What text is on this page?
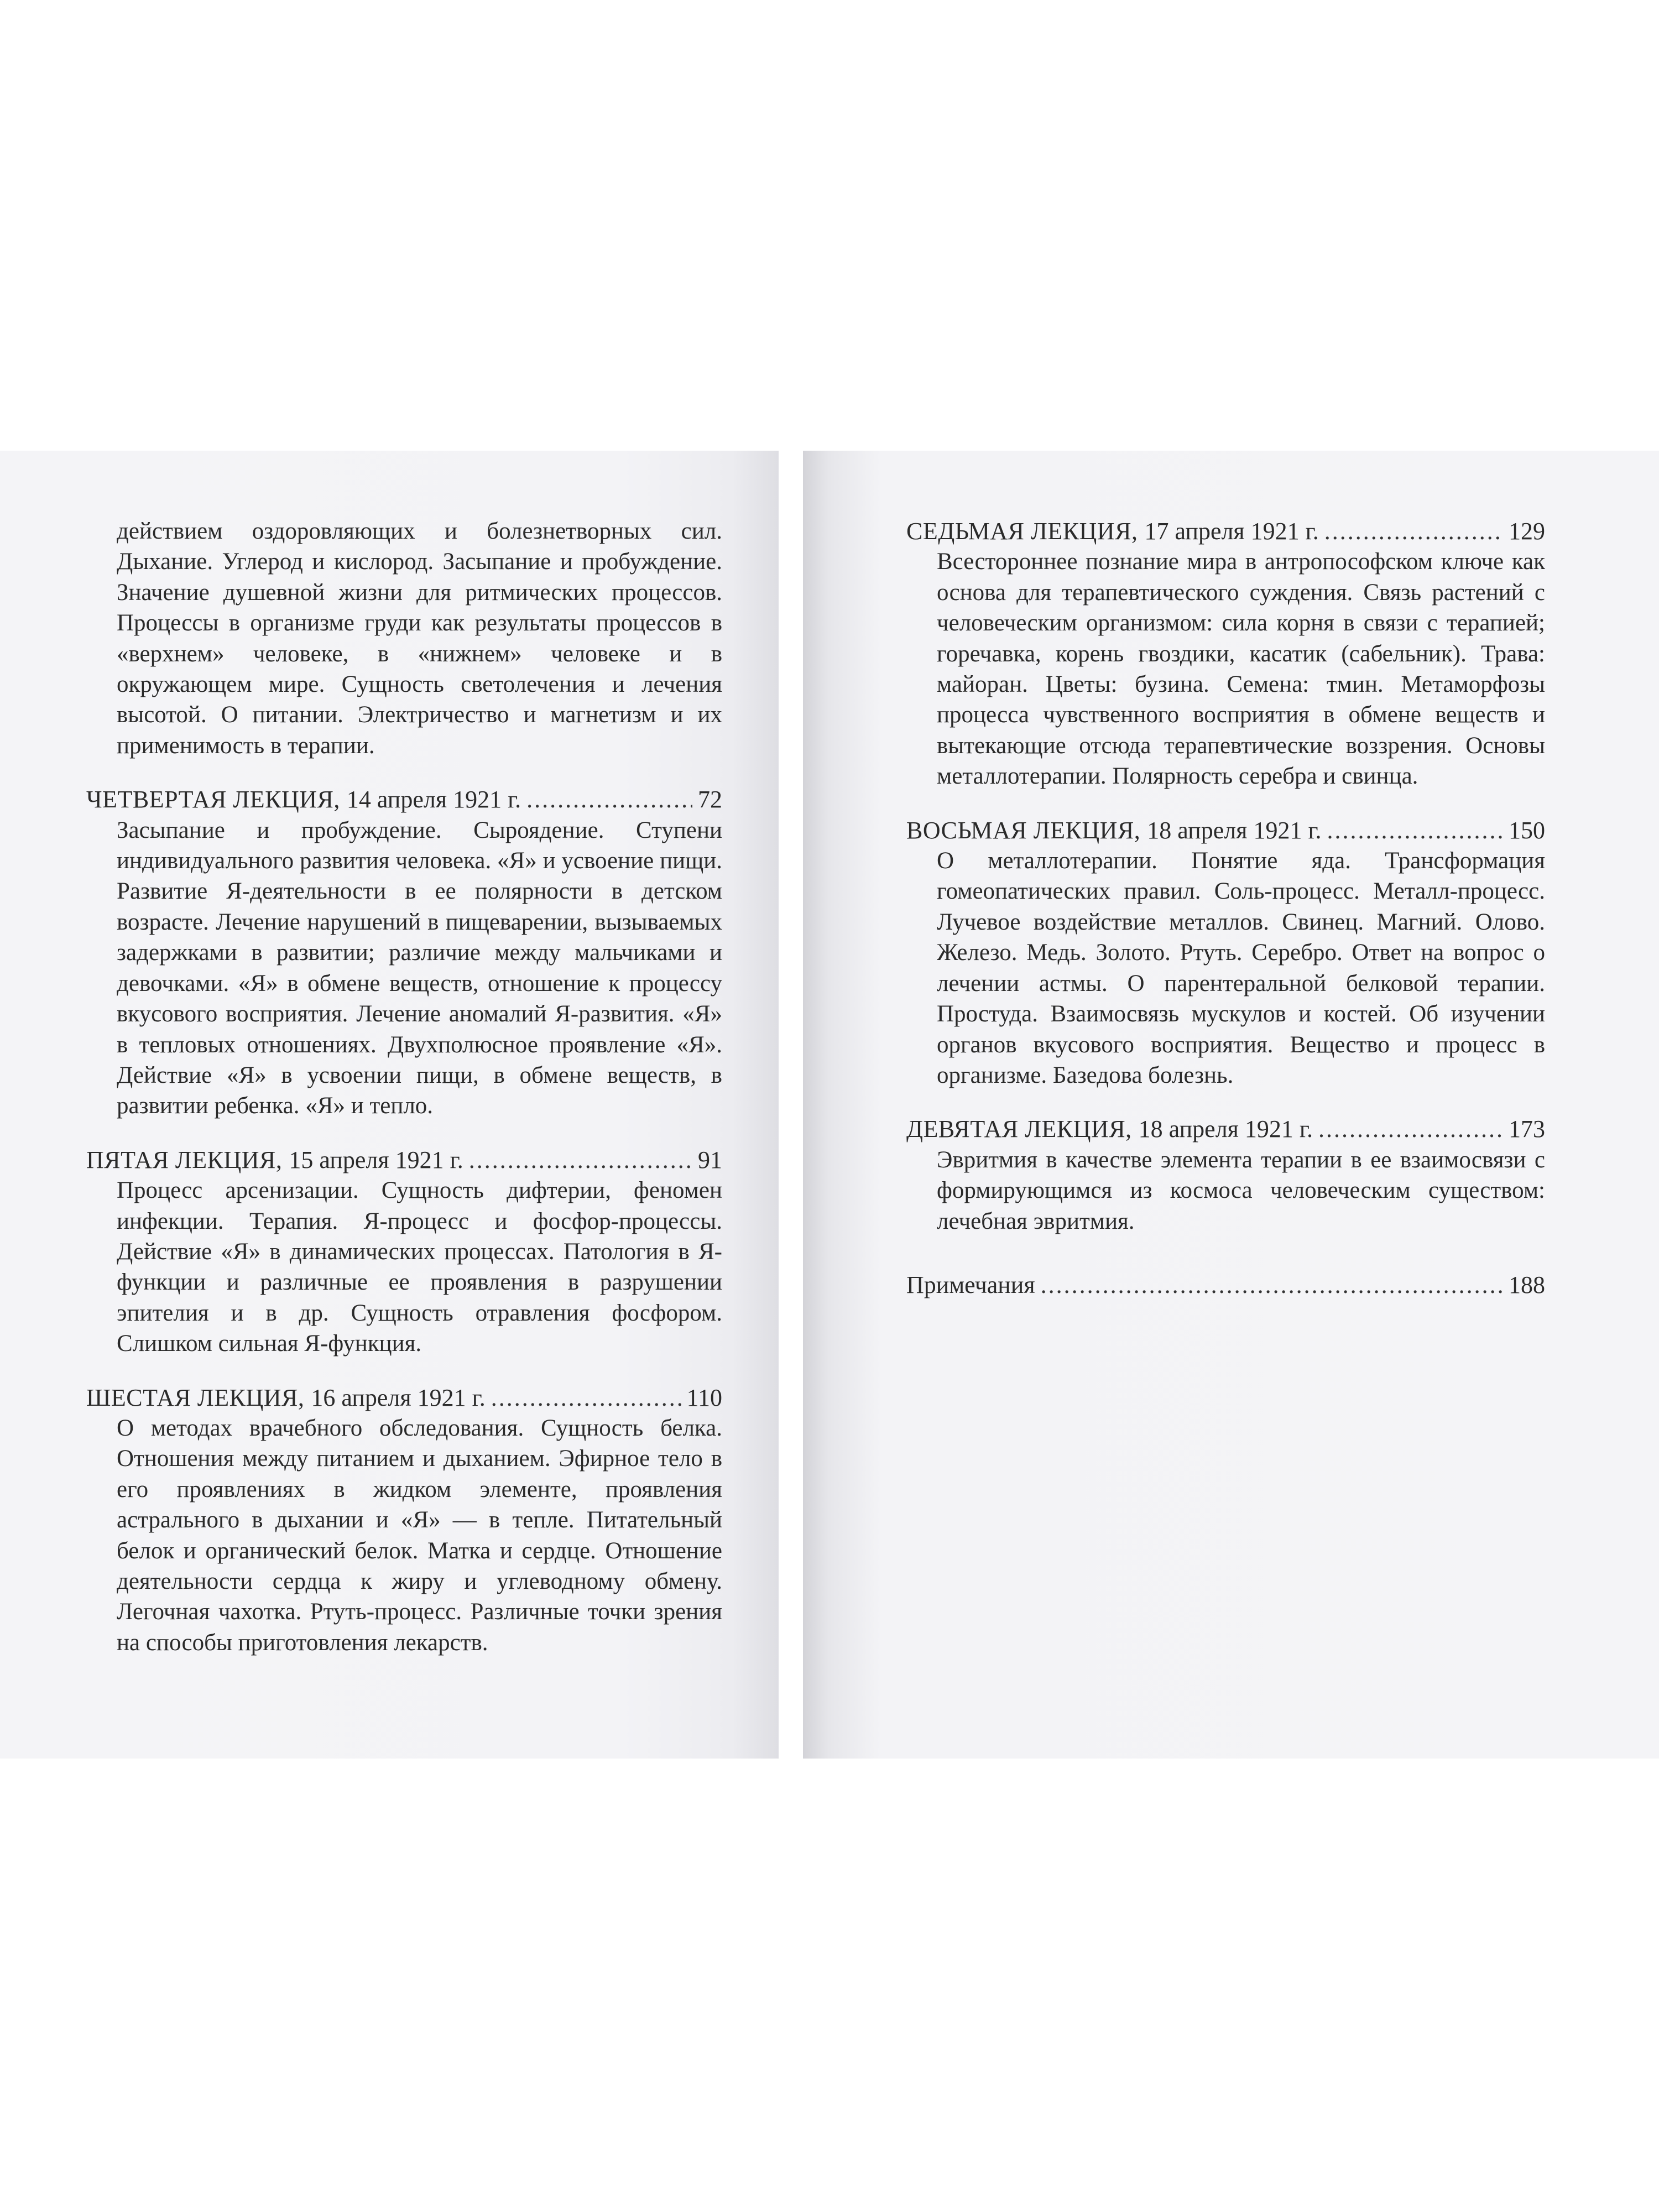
действием оздоровляющих и болезнетворных сил. Дыхание. Углерод и кислород. Засыпание и пробуждение. Значение душевной жизни для ритмических процессов. Процессы в организме груди как результаты процессов в «верхнем» человеке, в «нижнем» человеке и в окружающем мире. Сущность светолечения и лечения высотой. О питании. Электричество и магнетизм и их применимость в терапии.
ЧЕТВЕРТАЯ ЛЕКЦИЯ, 14 апреля 1921 г. .....	72
Засыпание и пробуждение. Сыроядение. Ступени индивидуального развития человека. «Я» и усвоение пищи. Развитие Я-деятельности в ее полярности в детском возрасте. Лечение нарушений в пищеварении, вызываемых задержками в развитии; различие между мальчиками и девочками. «Я» в обмене веществ, отношение к процессу вкусового восприятия. Лечение аномалий Я-развития. «Я» в тепловых отношениях. Двухполюсное проявление «Я». Действие «Я» в усвоении пищи, в обмене веществ, в развитии ребенка. «Я» и тепло.
ПЯТАЯ ЛЕКЦИЯ, 15 апреля 1921 г. .....	91
Процесс арсенизации. Сущность дифтерии, феномен инфекции. Терапия. Я-процесс и фосфор-процессы. Действие «Я» в динамических процессах. Патология в Я-функции и различные ее проявления в разрушении эпителия и в др. Сущность отравления фосфором. Слишком сильная Я-функция.
ШЕСТАЯ ЛЕКЦИЯ, 16 апреля 1921 г. .....	110
О методах врачебного обследования. Сущность белка. Отношения между питанием и дыханием. Эфирное тело в его проявлениях в жидком элементе, проявления астрального в дыхании и «Я» — в тепле. Питательный белок и органический белок. Матка и сердце. Отношение деятельности сердца к жиру и углеводному обмену. Легочная чахотка. Ртуть-процесс. Различные точки зрения на способы приготовления лекарств.
СЕДЬМАЯ ЛЕКЦИЯ, 17 апреля 1921 г. .....	129
Всестороннее познание мира в антропософском ключе как основа для терапевтического суждения. Связь растений с человеческим организмом: сила корня в связи с терапией; горечавка, корень гвоздики, касатик (сабельник). Трава: майоран. Цветы: бузина. Семена: тмин. Метаморфозы процесса чувственного восприятия в обмене веществ и вытекающие отсюда терапевтические воззрения. Основы металлотерапии. Полярность серебра и свинца.
ВОСЬМАЯ ЛЕКЦИЯ, 18 апреля 1921 г. .....	150
О металлотерапии. Понятие яда. Трансформация гомеопатических правил. Соль-процесс. Металл-процесс. Лучевое воздействие металлов. Свинец. Магний. Олово. Железо. Медь. Золото. Ртуть. Серебро. Ответ на вопрос о лечении астмы. О парентеральной белковой терапии. Простуда. Взаимосвязь мускулов и костей. Об изучении органов вкусового восприятия. Вещество и процесс в организме. Базедова болезнь.
ДЕВЯТАЯ ЛЕКЦИЯ, 18 апреля 1921 г. .....	173
Эвритмия в качестве элемента терапии в ее взаимосвязи с формирующимся из космоса человеческим существом: лечебная эвритмия.
Примечания .....	188
